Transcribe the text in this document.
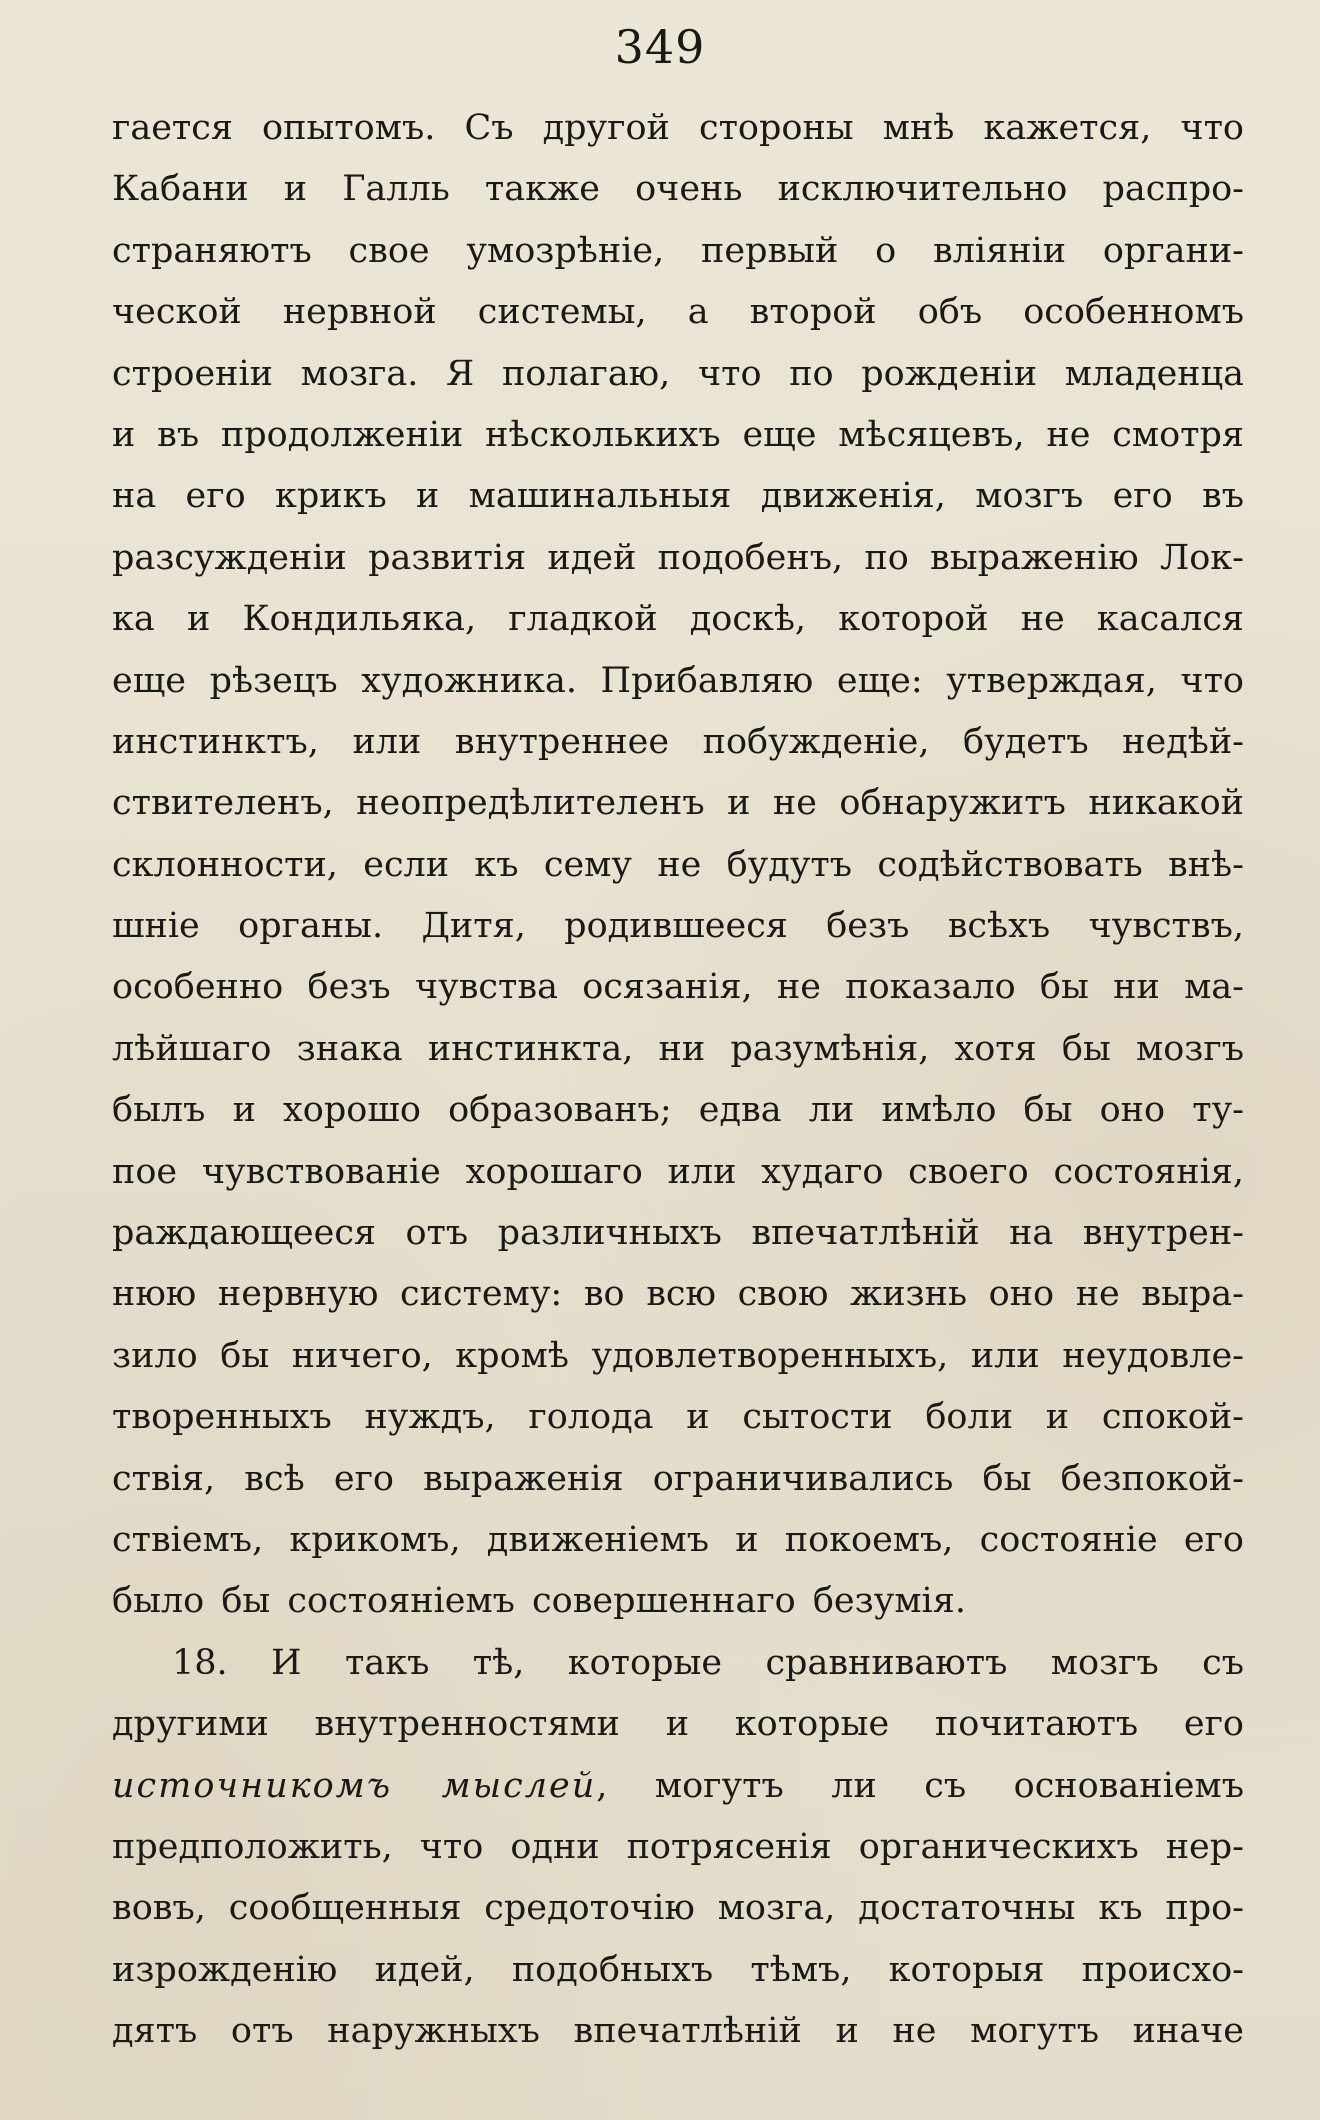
349
гается опытомъ. Съ другой стороны мнѣ кажется, что
Кабани и Галль также очень исключительно распро-
страняютъ свое умозрѣніе, первый о вліяніи органи-
ческой нервной системы, а второй объ особенномъ
строеніи мозга. Я полагаю, что по рожденіи младенца
и въ продолженіи нѣсколькихъ еще мѣсяцевъ, не смотря
на его крикъ и машинальныя движенія, мозгъ его въ
разсужденіи развитія идей подобенъ, по выраженію Лок-
ка и Кондильяка, гладкой доскѣ, которой не касался
еще рѣзецъ художника. Прибавляю еще: утверждая, что
инстинктъ, или внутреннее побужденіе, будетъ недѣй-
ствителенъ, неопредѣлителенъ и не обнаружитъ никакой
склонности, если къ сему не будутъ содѣйствовать внѣ-
шніе органы. Дитя, родившееся безъ всѣхъ чувствъ,
особенно безъ чувства осязанія, не показало бы ни ма-
лѣйшаго знака инстинкта, ни разумѣнія, хотя бы мозгъ
былъ и хорошо образованъ; едва ли имѣло бы оно ту-
пое чувствованіе хорошаго или худаго своего состоянія,
раждающееся отъ различныхъ впечатлѣній на внутрен-
нюю нервную систему: во всю свою жизнь оно не выра-
зило бы ничего, кромѣ удовлетворенныхъ, или неудовле-
творенныхъ нуждъ, голода и сытости боли и спокой-
ствія, всѣ его выраженія ограничивались бы безпокой-
ствіемъ, крикомъ, движеніемъ и покоемъ, состояніе его
было бы состояніемъ совершеннаго безумія.
18. И такъ тѣ, которые сравниваютъ мозгъ съ
другими внутренностями и которые почитаютъ его
источникомъ мыслей, могутъ ли съ основаніемъ
предположить, что одни потрясенія органическихъ нер-
вовъ, сообщенныя средоточію мозга, достаточны къ про-
изрожденію идей, подобныхъ тѣмъ, которыя происхо-
дятъ отъ наружныхъ впечатлѣній и не могутъ иначе
